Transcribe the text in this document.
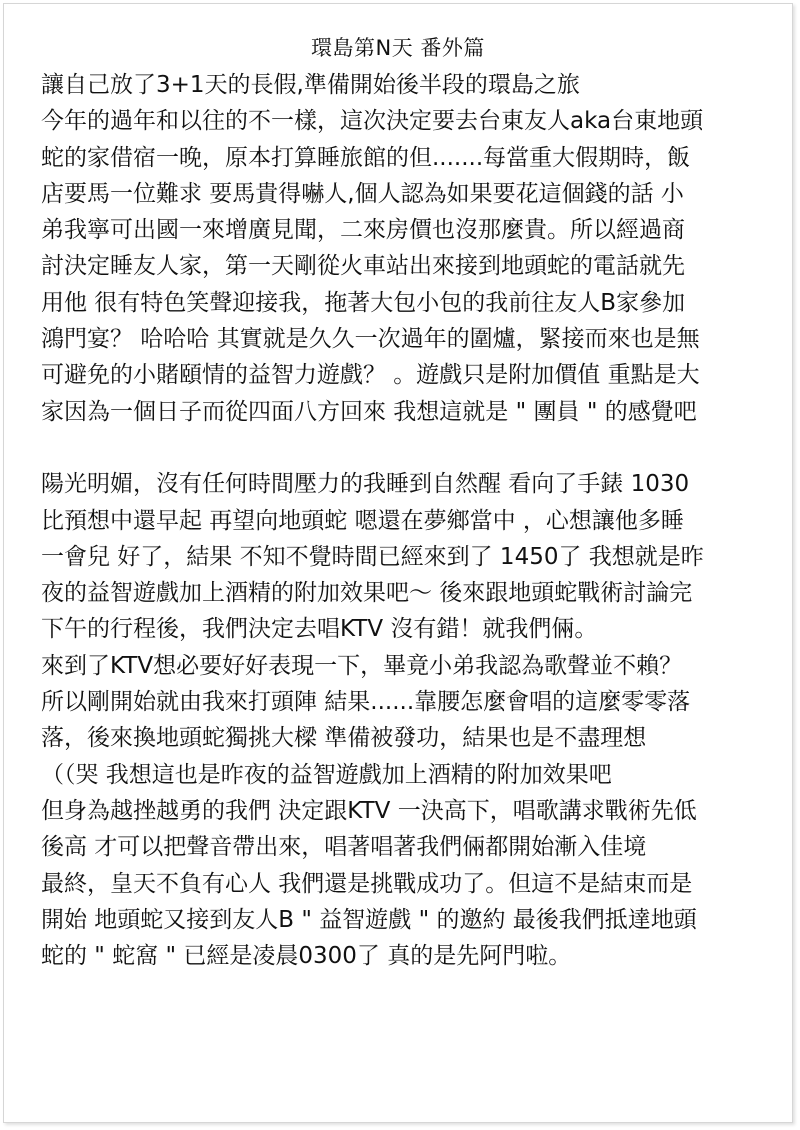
環島第N天 番外篇
讓自己放了3+1天的長假,準備開始後半段的環島之旅
今年的過年和以往的不一樣，這次決定要去台東友人aka台東地頭
蛇的家借宿一晚，原本打算睡旅館的但.......每當重大假期時，飯
店要馬一位難求 要馬貴得嚇人,個人認為如果要花這個錢的話 小
弟我寧可出國一來增廣見聞，二來房價也沒那麼貴。所以經過商
討決定睡友人家，第一天剛從火車站出來接到地頭蛇的電話就先
用他 很有特色笑聲迎接我，拖著大包小包的我前往友人B家參加
鴻門宴？ 哈哈哈 其實就是久久一次過年的圍爐，緊接而來也是無
可避免的小賭頤情的益智力遊戲？ 。遊戲只是附加價值 重點是大
家因為一個日子而從四面八方回來 我想這就是 " 團員 " 的感覺吧
陽光明媚，沒有任何時間壓力的我睡到自然醒 看向了手錶 1030
比預想中還早起 再望向地頭蛇 嗯還在夢鄉當中 ，心想讓他多睡
一會兒 好了，結果 不知不覺時間已經來到了 1450了 我想就是昨
夜的益智遊戲加上酒精的附加效果吧～ 後來跟地頭蛇戰術討論完
下午的行程後，我們決定去唱KTV 沒有錯！就我們倆。
來到了KTV想必要好好表現一下，畢竟小弟我認為歌聲並不賴？
所以剛開始就由我來打頭陣 結果......靠腰怎麼會唱的這麼零零落
落，後來換地頭蛇獨挑大樑 準備被發功，結果也是不盡理想
（（哭 我想這也是昨夜的益智遊戲加上酒精的附加效果吧
但身為越挫越勇的我們 決定跟KTV 一決高下，唱歌講求戰術先低
後高 才可以把聲音帶出來，唱著唱著我們倆都開始漸入佳境
最終，皇天不負有心人 我們還是挑戰成功了。但這不是結束而是
開始 地頭蛇又接到友人B " 益智遊戲 " 的邀約 最後我們抵達地頭
蛇的 " 蛇窩 " 已經是凌晨0300了 真的是先阿門啦。
